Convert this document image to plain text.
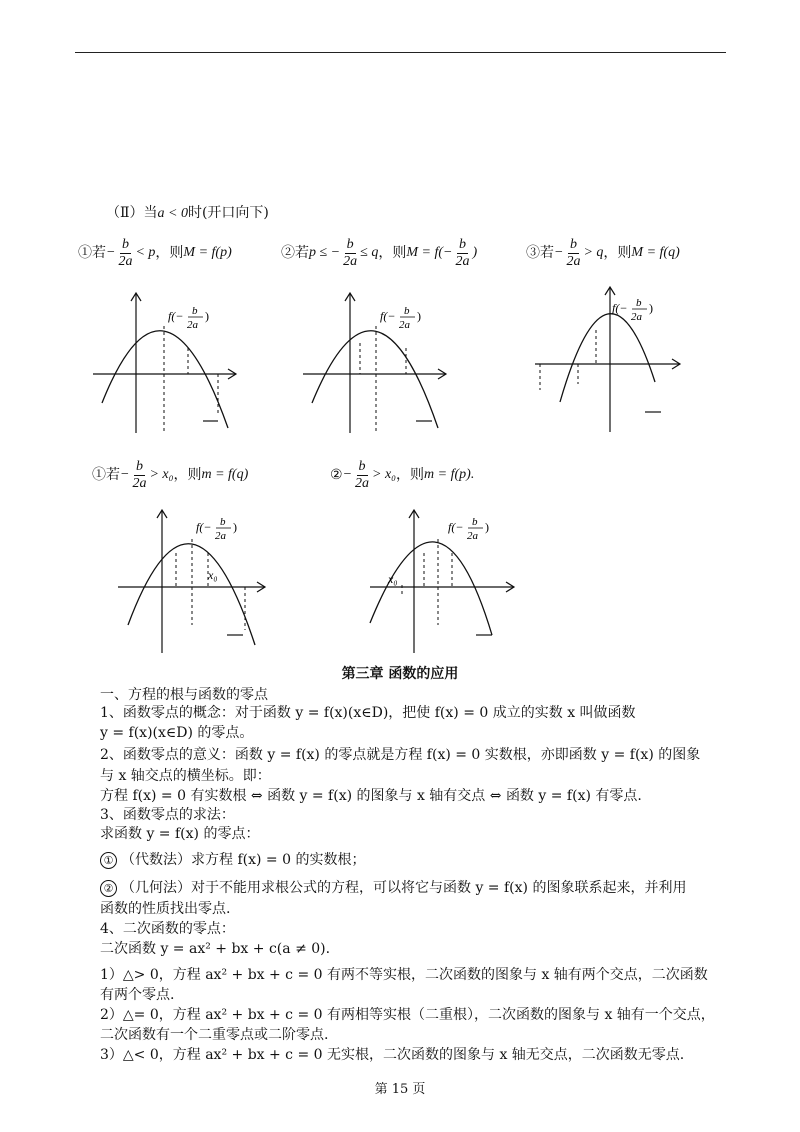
（Ⅱ）当a < 0时(开口向下)
①若 − $\frac{b}{2a} < p$ ，则 M = f(p)	②若 p ≤ − $\frac{b}{2a} \le q$ ，则 $M = f(- \frac{b}{2a}$ )	③若 − $\frac{b}{2a} > q$ ，则 M = f(q)
f(− b
2a
)	f(− b
2a
)
f(− b
2a
)
①若 − $\frac{b}{2a} > x_0$ ，则 m = f(q)	② − $\frac{b}{2a} > x_0$ ，则 m = f(p).
f(− b
2a
)
x₀
f(− b
2a
)
x₀
第三章 函数的应用
一、方程的根与函数的零点
1、函数零点的概念：对于函数 y = f(x)(x∈D)，把使 f(x) = 0 成立的实数 x 叫做函数
y = f(x)(x∈D) 的零点。
2、函数零点的意义：函数 y = f(x) 的零点就是方程 f(x) = 0 实数根，亦即函数 y = f(x) 的图象
与 x 轴交点的横坐标。即：
方程 f(x) = 0 有实数根 ⇔ 函数 y = f(x) 的图象与 x 轴有交点 ⇔ 函数 y = f(x) 有零点.
3、函数零点的求法：
求函数 y = f(x) 的零点：
① （代数法）求方程 f(x) = 0 的实数根；
② （几何法）对于不能用求根公式的方程，可以将它与函数 y = f(x) 的图象联系起来，并利用
函数的性质找出零点.
4、二次函数的零点：
二次函数 y = ax² + bx + c(a ≠ 0).
1）△> 0，方程 ax² + bx + c = 0 有两不等实根，二次函数的图象与 x 轴有两个交点，二次函数
有两个零点.
2）△= 0，方程 ax² + bx + c = 0 有两相等实根（二重根），二次函数的图象与 x 轴有一个交点，
二次函数有一个二重零点或二阶零点.
3）△< 0，方程 ax² + bx + c = 0 无实根，二次函数的图象与 x 轴无交点，二次函数无零点.
第 15 页
